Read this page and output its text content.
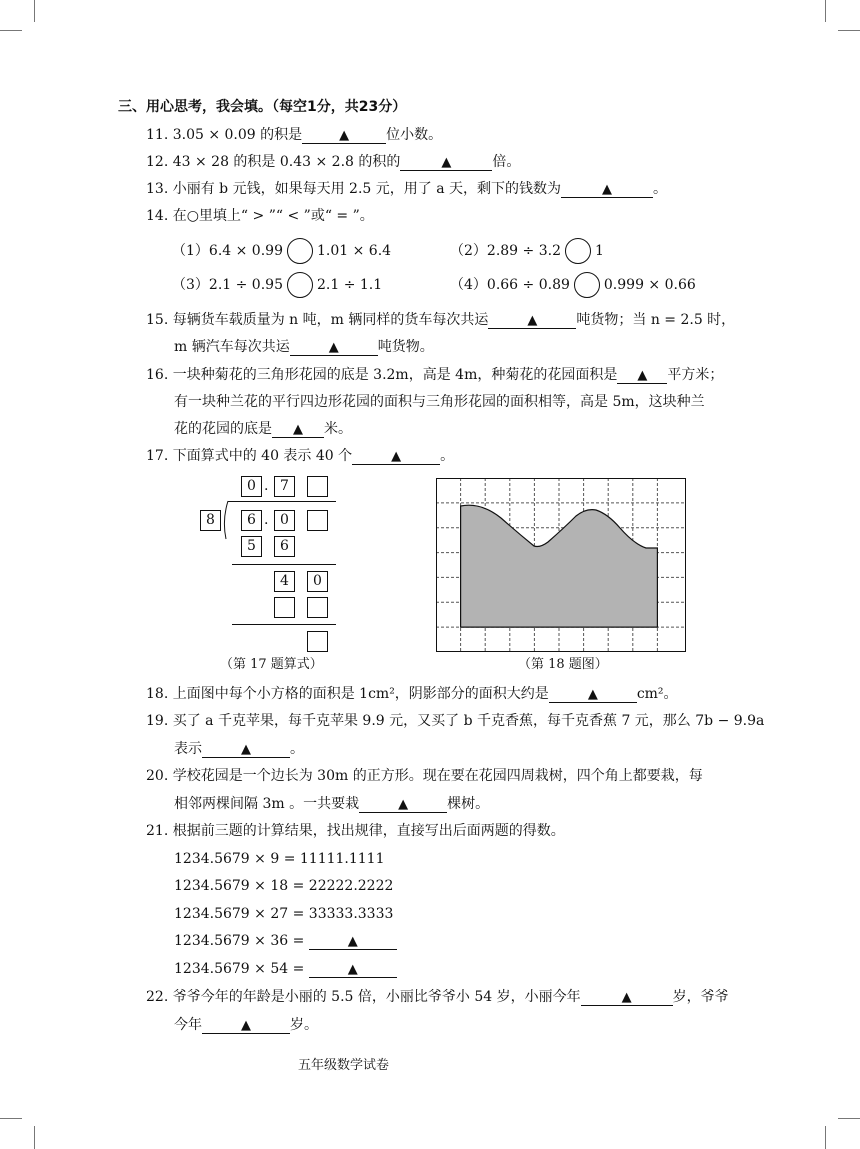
三、用心思考，我会填。（每空1分，共23分）
11. 3.05 × 0.09 的积是	▲	位小数。
12. 43 × 28 的积是 0.43 × 2.8 的积的	▲	倍。
13. 小丽有 b 元钱，如果每天用 2.5 元，用了 a 天，剩下的钱数为	▲	。
14. 在○里填上“ > ”“ < ”或“ = ”。
（1）6.4 × 0.99 1.01 × 6.4	（2）2.89 ÷ 3.2 1
（3）2.1 ÷ 0.95 2.1 ÷ 1.1	（4）0.66 ÷ 0.89 0.999 × 0.66
15. 每辆货车载质量为 n 吨，m 辆同样的货车每次共运	▲	吨货物；当 n = 2.5 时，
m 辆汽车每次共运	▲	吨货物。
16. 一块种菊花的三角形花园的底是 3.2m，高是 4m，种菊花的花园面积是 ▲ 平方米；
有一块种兰花的平行四边形花园的面积与三角形花园的面积相等，高是 5m，这块种兰
花的花园的底是 ▲ 米。
17. 下面算式中的 40 表示 40 个	▲	。
0 . 7
8	6 . 0
5	6
4	0
（第 17 题算式）	（第 18 题图）
18. 上面图中每个小方格的面积是 1cm²，阴影部分的面积大约是	▲	cm²。
19. 买了 a 千克苹果，每千克苹果 9.9 元，又买了 b 千克香蕉，每千克香蕉 7 元，那么 7b − 9.9a
表示	▲	。
20. 学校花园是一个边长为 30m 的正方形。现在要在花园四周栽树，四个角上都要栽，每
相邻两棵间隔 3m 。一共要栽	▲	棵树。
21. 根据前三题的计算结果，找出规律，直接写出后面两题的得数。
1234.5679 × 9 = 11111.1111
1234.5679 × 18 = 22222.2222
1234.5679 × 27 = 33333.3333
1234.5679 × 36 =	▲
1234.5679 × 54 =	▲
22. 爷爷今年的年龄是小丽的 5.5 倍，小丽比爷爷小 54 岁，小丽今年	▲	岁，爷爷
今年	▲	岁。
五年级数学试卷
